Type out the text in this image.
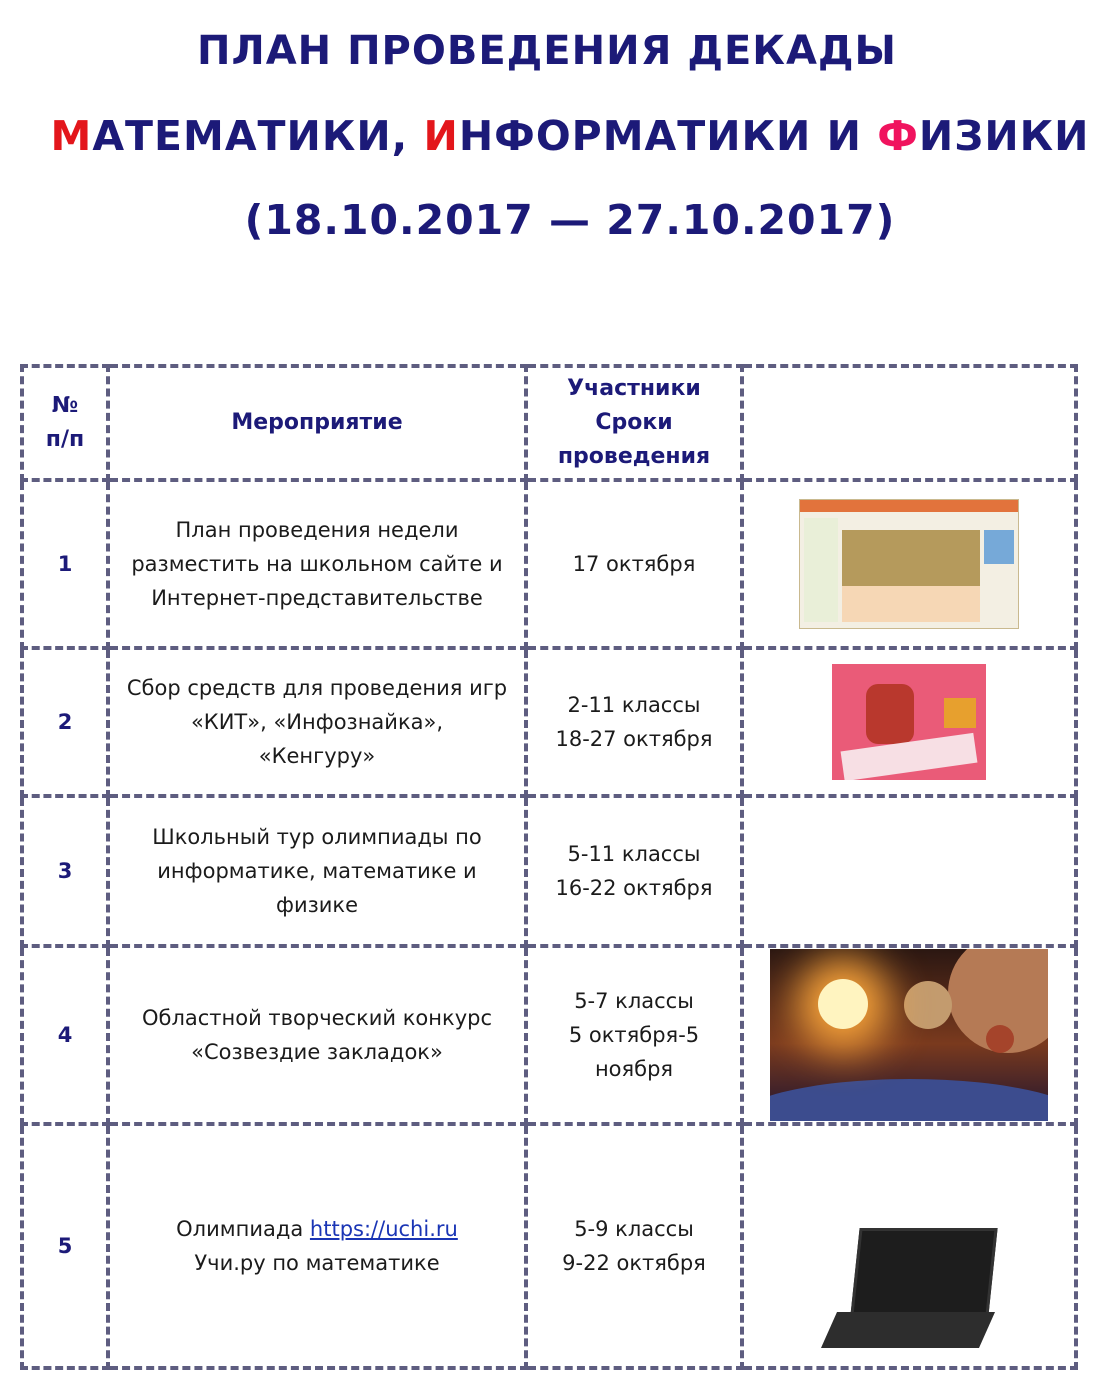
ПЛАН ПРОВЕДЕНИЯ ДЕКАДЫ
МАТЕМАТИКИ, ИНФОРМАТИКИ И ФИЗИКИ
(18.10.2017 — 27.10.2017)
№
п/п	Мероприятие	Участники
Сроки
проведения	
1	План проведения недели
разместить на школьном сайте и
Интернет-представительстве	17 октября	

2	Сбор средств для проведения игр
«КИТ», «Инфознайка»,
«Кенгуру»	2-11 классы
18-27 октября	

3	Школьный тур олимпиады по
информатике, математике и
физике	5-11 классы
16-22 октября	
4	Областной творческий конкурс
«Созвездие закладок»	5-7 классы
5 октября-5
ноября	

5	Олимпиада https://uchi.ru
Учи.ру по математике	5-9 классы
9-22 октября	
